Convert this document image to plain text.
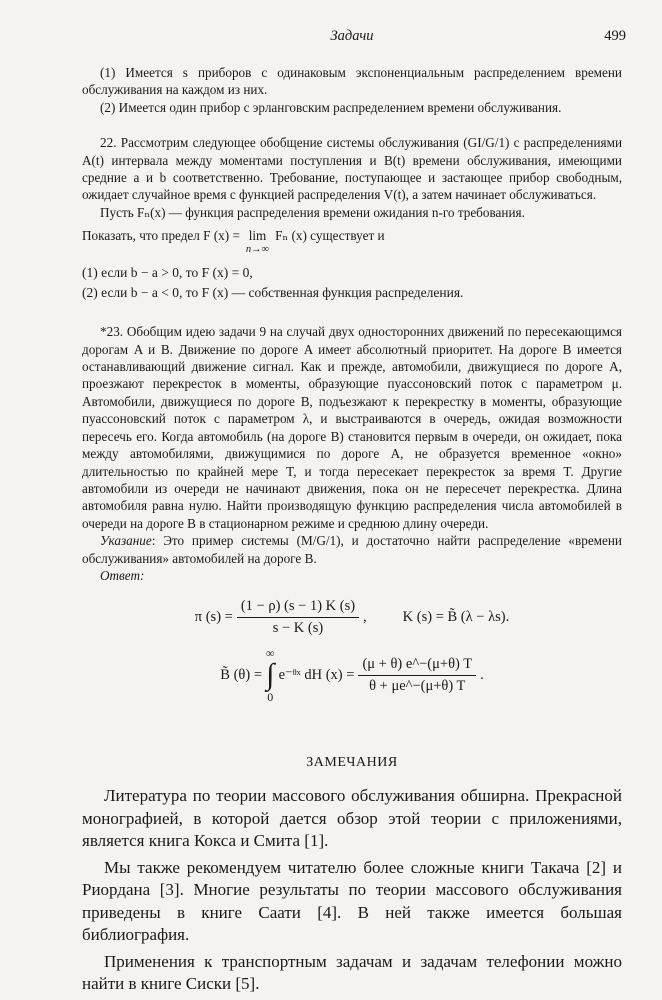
Задачи	499

(1) Имеется s приборов с одинаковым экспоненциальным распределением времени обслуживания на каждом из них.

(2) Имеется один прибор с эрланговским распределением времени обслуживания.

22. Рассмотрим следующее обобщение системы обслуживания (GI/G/1) с распределениями A(t) интервала между моментами поступления и B(t) времени обслуживания, имеющими средние a и b соответственно. Требование, поступающее и застающее прибор свободным, ожидает случайное время с функцией распределения V(t), а затем начинает обслуживаться.

Пусть Fₙ(x) — функция распределения времени ожидания n-го требования.

Показать, что предел F (x) = lim
n→∞
Fₙ (x) существует и
(1) если b − a > 0, то F (x) = 0,
(2) если b − a < 0, то F (x) — собственная функция распределения.

*23. Обобщим идею задачи 9 на случай двух односторонних движений по пересекающимся дорогам A и B. Движение по дороге A имеет абсолютный приоритет. На дороге B имеется останавливающий движение сигнал. Как и прежде, автомобили, движущиеся по дороге A, проезжают перекресток в моменты, образующие пуассоновский поток с параметром μ. Автомобили, движущиеся по дороге B, подъезжают к перекрестку в моменты, образующие пуассоновский поток с параметром λ, и выстраиваются в очередь, ожидая возможности пересечь его. Когда автомобиль (на дороге B) становится первым в очереди, он ожидает, пока между автомобилями, движущимися по дороге A, не образуется временное «окно» длительностью по крайней мере T, и тогда пересекает перекресток за время T. Другие автомобили из очереди не начинают движения, пока он не пересечет перекрестка. Длина автомобиля равна нулю. Найти производящую функцию распределения числа автомобилей в очереди на дороге B в стационарном режиме и среднюю длину очереди.

Указание: Это пример системы (M/G/1), и достаточно найти распределение «времени обслуживания» автомобилей на дороге B.

Ответ:

π $(s) = \frac{(1 - \rho) (s - 1) K (s)}{s - K (s)}$ , K (s) = B̃ (λ − λs).
B̃ (θ) =
∞
∫
0
e⁻ᶿˣ dH $(x) = \frac{(\mu + \theta) e\^{}-(\mu+\theta) T}{\theta + \mu e\^{}-(\mu+\theta) T}$ .
ЗАМЕЧАНИЯ

Литература по теории массового обслуживания обширна. Прекрасной монографией, в которой дается обзор этой теории с приложениями, является книга Кокса и Смита [1].

Мы также рекомендуем читателю более сложные книги Такача [2] и Риордана [3]. Многие результаты по теории массового обслуживания приведены в книге Саати [4]. В ней также имеется большая библиография.

Применения к транспортным задачам и задачам телефонии можно найти в книге Сиски [5].
